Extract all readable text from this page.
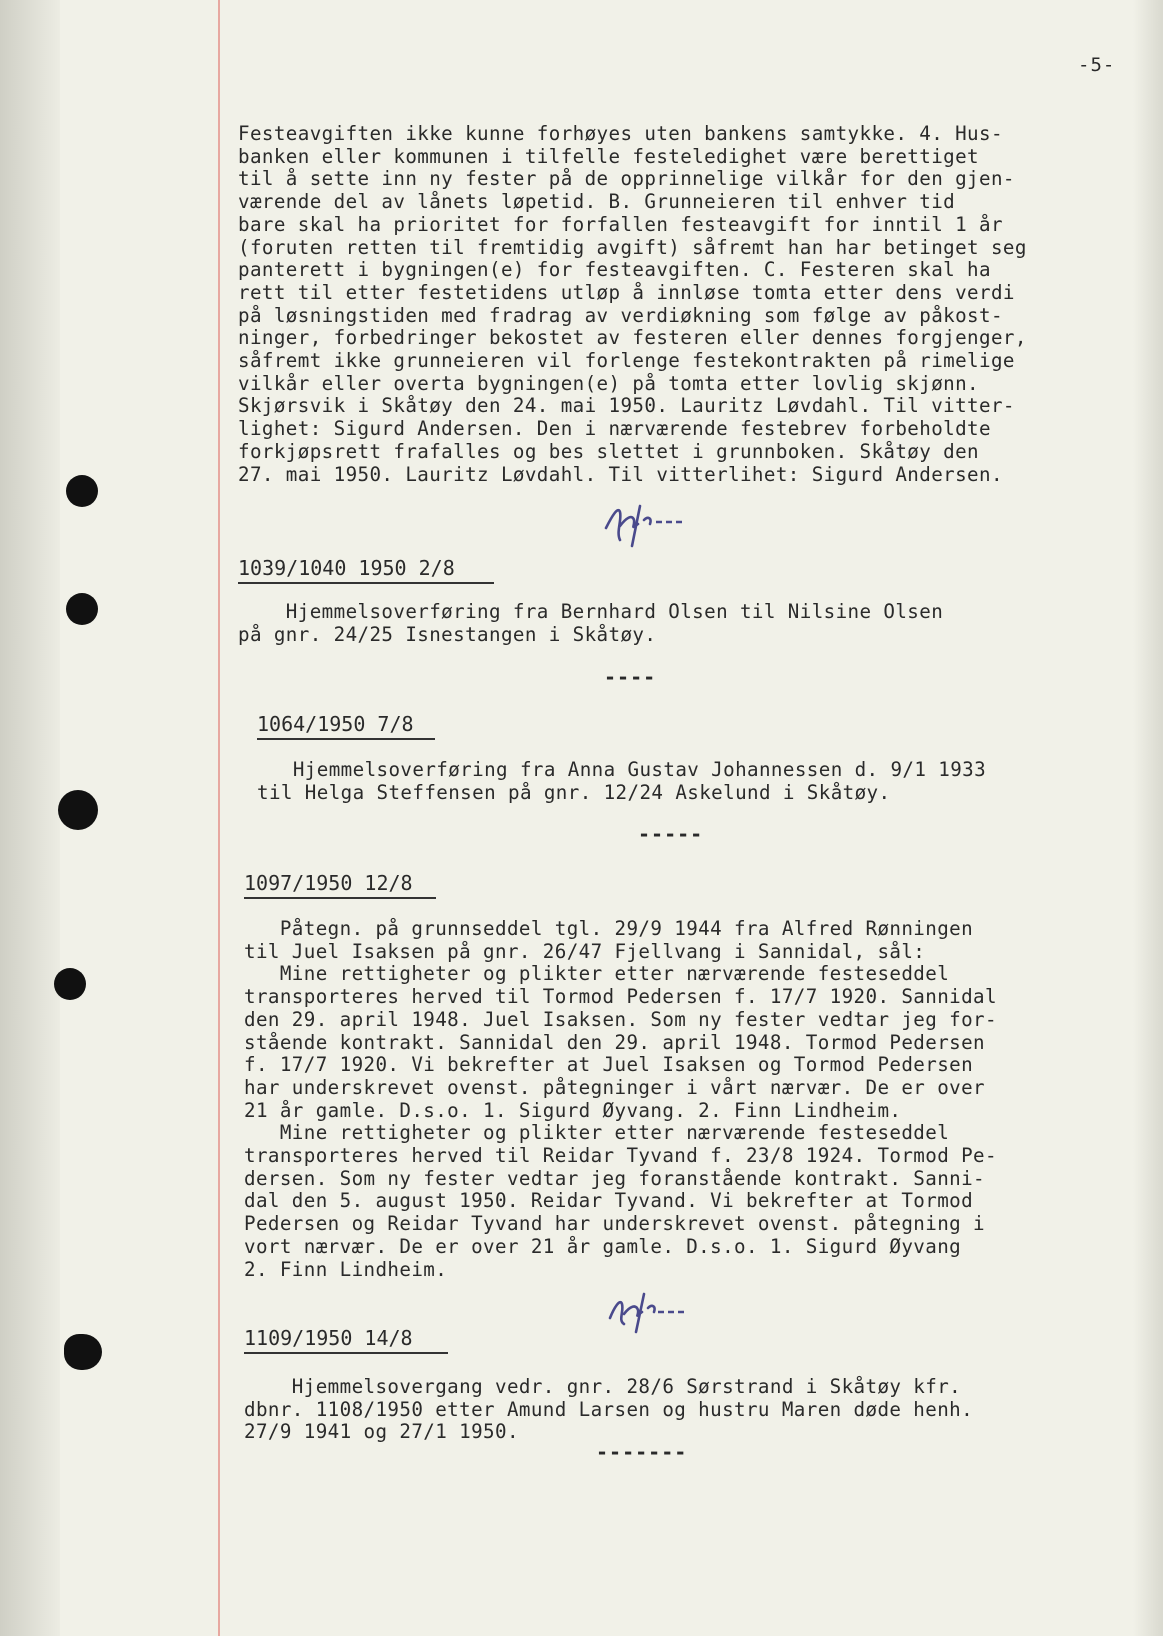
-5-

Festeavgiften ikke kunne forhøyes uten bankens samtykke. 4. Hus-
banken eller kommunen i tilfelle festeledighet være berettiget
til å sette inn ny fester på de opprinnelige vilkår for den gjen-
værende del av lånets løpetid. B. Grunneieren til enhver tid
bare skal ha prioritet for forfallen festeavgift for inntil 1 år
(foruten retten til fremtidig avgift) såfremt han har betinget seg
panterett i bygningen(e) for festeavgiften. C. Festeren skal ha
rett til etter festetidens utløp å innløse tomta etter dens verdi
på løsningstiden med fradrag av verdiøkning som følge av påkost-
ninger, forbedringer bekostet av festeren eller dennes forgjenger,
såfremt ikke grunneieren vil forlenge festekontrakten på rimelige
vilkår eller overta bygningen(e) på tomta etter lovlig skjønn.
Skjørsvik i Skåtøy den 24. mai 1950. Lauritz Løvdahl. Til vitter-
lighet: Sigurd Andersen. Den i nærværende festebrev forbeholdte
forkjøpsrett frafalles og bes slettet i grunnboken. Skåtøy den
27. mai 1950. Lauritz Løvdahl. Til vitterlihet: Sigurd Andersen.

1039/1040 1950 2/8

Hjemmelsoverføring fra Bernhard Olsen til Nilsine Olsen
på gnr. 24/25 Isnestangen i Skåtøy.

----

1064/1950 7/8

Hjemmelsoverføring fra Anna Gustav Johannessen d. 9/1 1933
til Helga Steffensen på gnr. 12/24 Askelund i Skåtøy.

-----

1097/1950 12/8

Påtegn. på grunnseddel tgl. 29/9 1944 fra Alfred Rønningen
til Juel Isaksen på gnr. 26/47 Fjellvang i Sannidal, sål:
Mine rettigheter og plikter etter nærværende festeseddel
transporteres herved til Tormod Pedersen f. 17/7 1920. Sannidal
den 29. april 1948. Juel Isaksen. Som ny fester vedtar jeg for-
stående kontrakt. Sannidal den 29. april 1948. Tormod Pedersen
f. 17/7 1920. Vi bekrefter at Juel Isaksen og Tormod Pedersen
har underskrevet ovenst. påtegninger i vårt nærvær. De er over
21 år gamle. D.s.o. 1. Sigurd Øyvang. 2. Finn Lindheim.
Mine rettigheter og plikter etter nærværende festeseddel
transporteres herved til Reidar Tyvand f. 23/8 1924. Tormod Pe-
dersen. Som ny fester vedtar jeg foranstående kontrakt. Sanni-
dal den 5. august 1950. Reidar Tyvand. Vi bekrefter at Tormod
Pedersen og Reidar Tyvand har underskrevet ovenst. påtegning i
vort nærvær. De er over 21 år gamle. D.s.o. 1. Sigurd Øyvang
2. Finn Lindheim.

1109/1950 14/8

Hjemmelsovergang vedr. gnr. 28/6 Sørstrand i Skåtøy kfr.
dbnr. 1108/1950 etter Amund Larsen og hustru Maren døde henh.
27/9 1941 og 27/1 1950.

-------
